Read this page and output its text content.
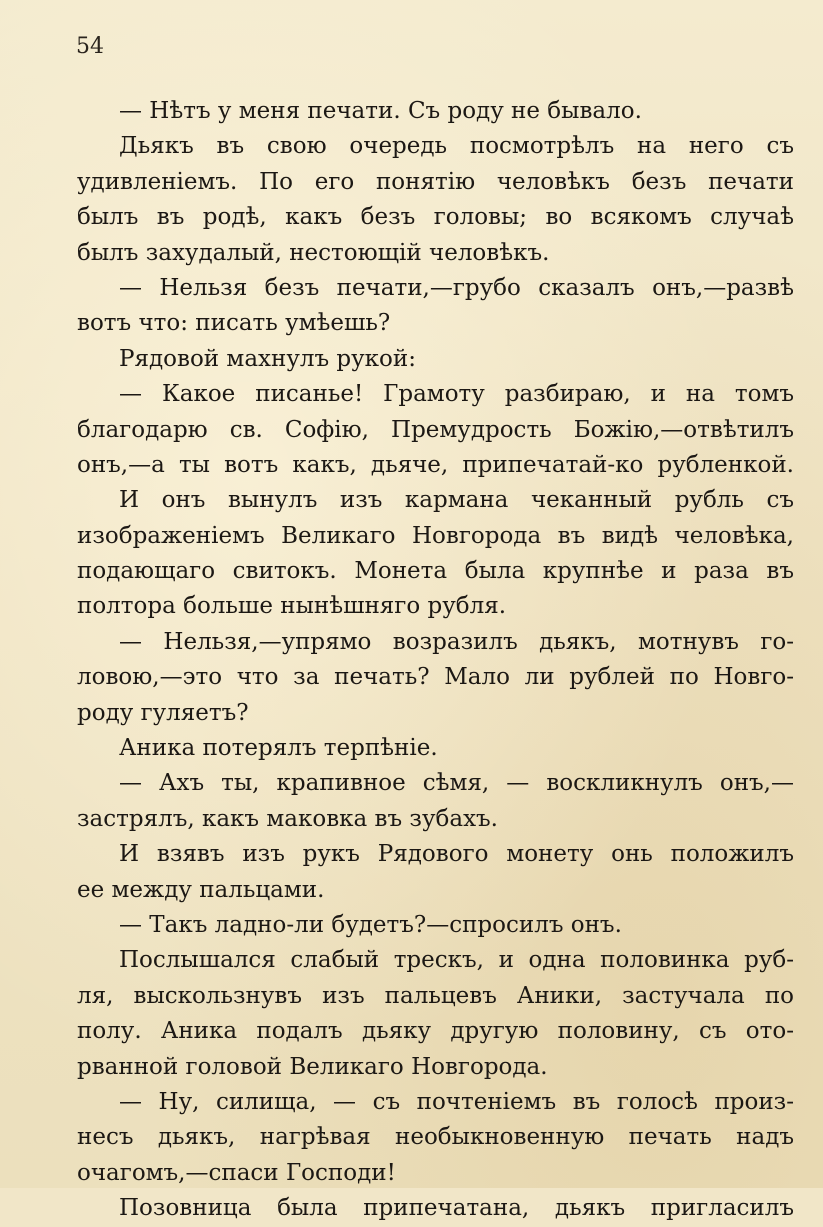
54
— Нѣтъ у меня печати. Съ роду не бывало.
Дьякъ въ свою очередь посмотрѣлъ на него съ
удивленіемъ. По его понятію человѣкъ безъ печати
былъ въ родѣ, какъ безъ головы; во всякомъ случаѣ
былъ захудалый, нестоющій человѣкъ.
— Нельзя безъ печати,—грубо сказалъ онъ,—развѣ
вотъ что: писать умѣешь?
Рядовой махнулъ рукой:
— Какое писанье! Грамоту разбираю, и на томъ
благодарю св. Софію, Премудрость Божію,—отвѣтилъ
онъ,—а ты вотъ какъ, дьяче, припечатай-ко рубленкой.
И онъ вынулъ изъ кармана чеканный рубль съ
изображеніемъ Великаго Новгорода въ видѣ человѣка,
подающаго свитокъ. Монета была крупнѣе и раза въ
полтора больше нынѣшняго рубля.
— Нельзя,—упрямо возразилъ дьякъ, мотнувъ го-
ловою,—это что за печать? Мало ли рублей по Новго-
роду гуляетъ?
Аника потерялъ терпѣніе.
— Ахъ ты, крапивное сѣмя, — воскликнулъ онъ,—
застрялъ, какъ маковка въ зубахъ.
И взявъ изъ рукъ Рядового монету онь положилъ
ее между пальцами.
— Такъ ладно-ли будетъ?—спросилъ онъ.
Послышался слабый трескъ, и одна половинка руб-
ля, выскользнувъ изъ пальцевъ Аники, застучала по
полу. Аника подалъ дьяку другую половину, съ ото-
рванной головой Великаго Новгорода.
— Ну, силища, — съ почтеніемъ въ голосѣ произ-
несъ дьякъ, нагрѣвая необыкновенную печать надъ
очагомъ,—спаси Господи!
Позовница была припечатана, дьякъ пригласилъ
